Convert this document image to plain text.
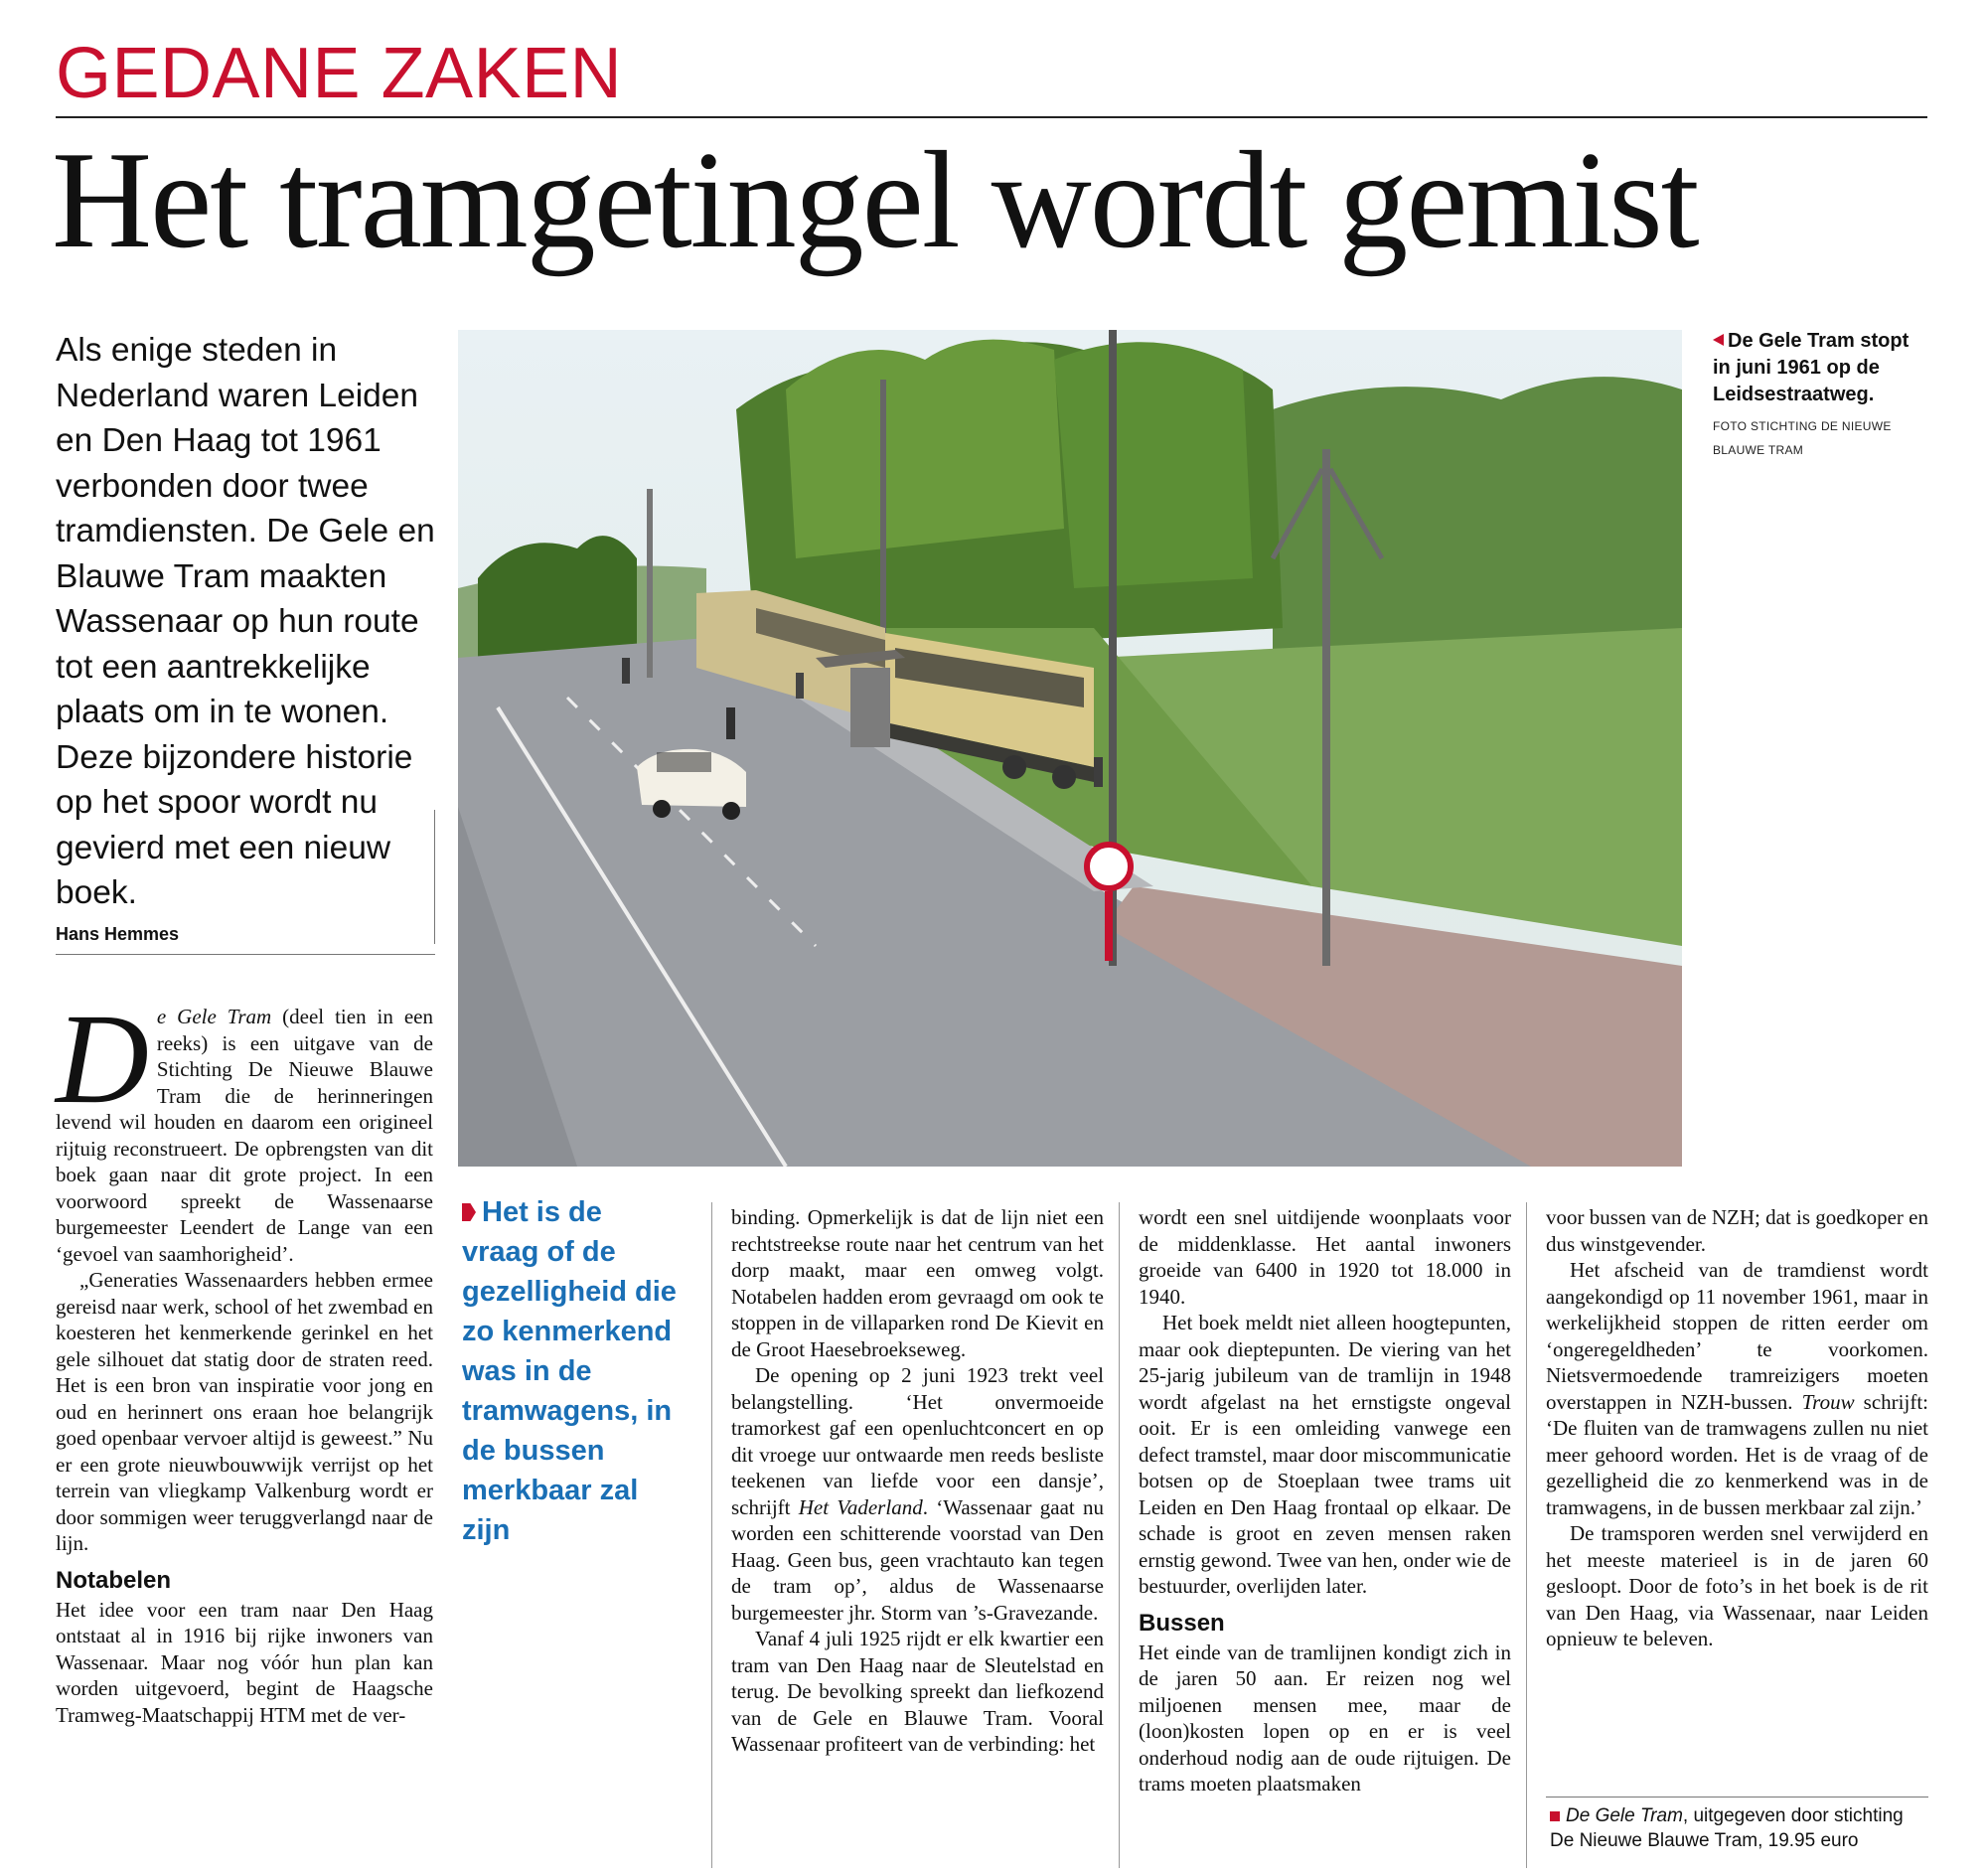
GEDANE ZAKEN
Het tramgetingel wordt gemist
Als enige steden in Nederland waren Leiden en Den Haag tot 1961 verbonden door twee tramdiensten. De Gele en Blauwe Tram maakten Wassenaar op hun route tot een aantrekkelijke plaats om in te wonen. Deze bijzondere historie op het spoor wordt nu gevierd met een nieuw boek.
Hans Hemmes
De Gele Tram stopt in juni 1961 op de Leidsestraatweg.
FOTO STICHTING DE NIEUWE BLAUWE TRAM
Het is de vraag of de gezelligheid die zo kenmerkend was in de tramwagens, in de bussen merkbaar zal zijn

De Gele Tram (deel tien in een reeks) is een uitgave van de Stichting De Nieuwe Blauwe Tram die de herinneringen levend wil houden en daarom een origineel rijtuig reconstrueert. De opbrengsten van dit boek gaan naar dit grote project. In een voorwoord spreekt de Wassenaarse burgemeester Leendert de Lange van een ‘gevoel van saamhorigheid’.

„Generaties Wassenaarders hebben ermee gereisd naar werk, school of het zwembad en koesteren het kenmerkende gerinkel en het gele silhouet dat statig door de straten reed. Het is een bron van inspiratie voor jong en oud en herinnert ons eraan hoe belangrijk goed openbaar vervoer altijd is geweest.” Nu er een grote nieuwbouwwijk verrijst op het terrein van vliegkamp Valkenburg wordt er door sommigen weer teruggverlangd naar de lijn.

Notabelen

Het idee voor een tram naar Den Haag ontstaat al in 1916 bij rijke inwoners van Wassenaar. Maar nog vóór hun plan kan worden uitgevoerd, begint de Haagsche Tramweg-Maatschappij HTM met de ver-

binding. Opmerkelijk is dat de lijn niet een rechtstreekse route naar het centrum van het dorp maakt, maar een omweg volgt. Notabelen hadden erom gevraagd om ook te stoppen in de villaparken rond De Kievit en de Groot Haesebroekseweg.

De opening op 2 juni 1923 trekt veel belangstelling. ‘Het onvermoeide tramorkest gaf een openluchtconcert en op dit vroege uur ontwaarde men reeds besliste teekenen van liefde voor een dansje’, schrijft Het Vaderland. ‘Wassenaar gaat nu worden een schitterende voorstad van Den Haag. Geen bus, geen vrachtauto kan tegen de tram op’, aldus de Wassenaarse burgemeester jhr. Storm van ’s-Gravezande.

Vanaf 4 juli 1925 rijdt er elk kwartier een tram van Den Haag naar de Sleutelstad en terug. De bevolking spreekt dan liefkozend van de Gele en Blauwe Tram. Vooral Wassenaar profiteert van de verbinding: het

wordt een snel uitdijende woonplaats voor de middenklasse. Het aantal inwoners groeide van 6400 in 1920 tot 18.000 in 1940.

Het boek meldt niet alleen hoogtepunten, maar ook dieptepunten. De viering van het 25-jarig jubileum van de tramlijn in 1948 wordt afgelast na het ernstigste ongeval ooit. Er is een omleiding vanwege een defect tramstel, maar door miscommunicatie botsen op de Stoeplaan twee trams uit Leiden en Den Haag frontaal op elkaar. De schade is groot en zeven mensen raken ernstig gewond. Twee van hen, onder wie de bestuurder, overlijden later.

Bussen

Het einde van de tramlijnen kondigt zich in de jaren 50 aan. Er reizen nog wel miljoenen mensen mee, maar de (loon)kosten lopen op en er is veel onderhoud nodig aan de oude rijtuigen. De trams moeten plaatsmaken

voor bussen van de NZH; dat is goedkoper en dus winstgevender.

Het afscheid van de tramdienst wordt aangekondigd op 11 november 1961, maar in werkelijkheid stoppen de ritten eerder om ‘ongeregeldheden’ te voorkomen. Nietsvermoedende tramreizigers moeten overstappen in NZH-bussen. Trouw schrijft: ‘De fluiten van de tramwagens zullen nu niet meer gehoord worden. Het is de vraag of de gezelligheid die zo kenmerkend was in de tramwagens, in de bussen merkbaar zal zijn.’

De tramsporen werden snel verwijderd en het meeste materieel is in de jaren 60 gesloopt. Door de foto’s in het boek is de rit van Den Haag, via Wassenaar, naar Leiden opnieuw te beleven.

De Gele Tram, uitgegeven door stichting De Nieuwe Blauwe Tram, 19.95 euro
